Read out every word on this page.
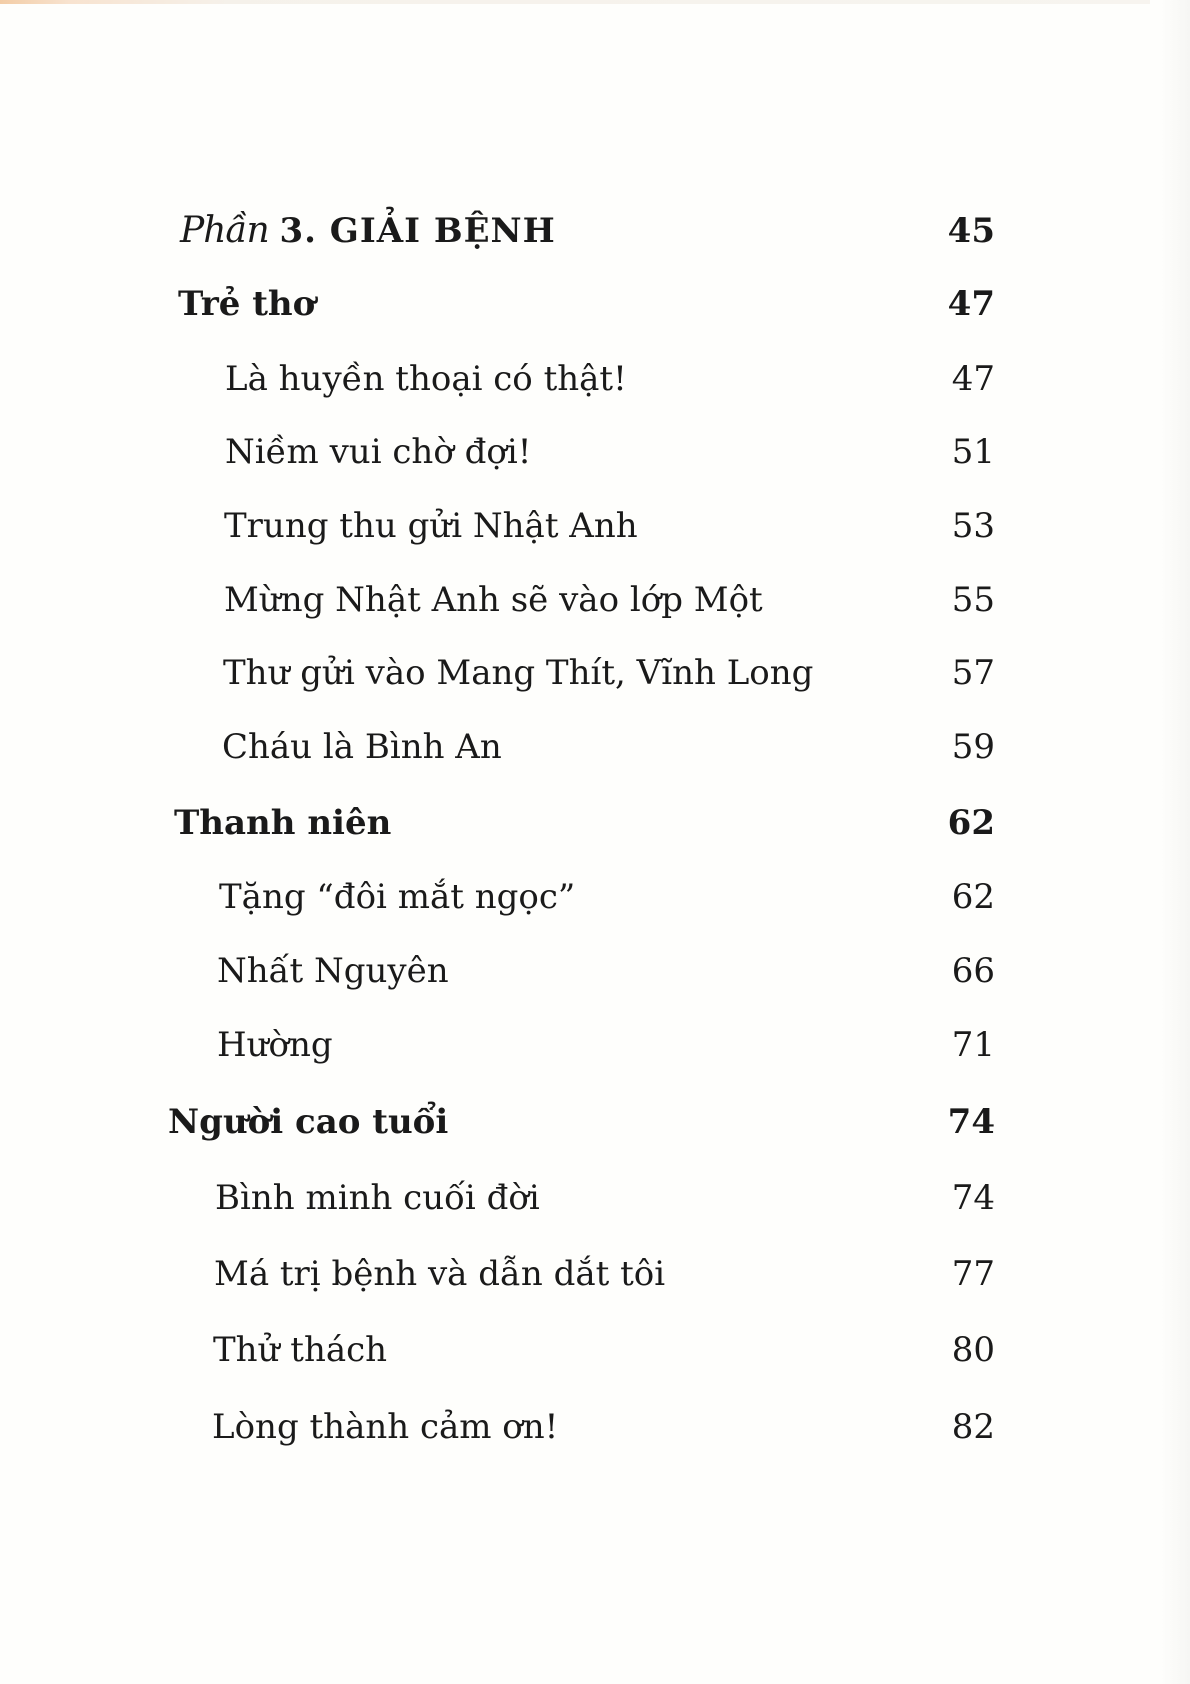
Phần 3. GIẢI BỆNH	45
Trẻ thơ	47
Là huyền thoại có thật!	47
Niềm vui chờ đợi!	51
Trung thu gửi Nhật Anh	53
Mừng Nhật Anh sẽ vào lớp Một	55
Thư gửi vào Mang Thít, Vĩnh Long	57
Cháu là Bình An	59
Thanh niên	62
Tặng “đôi mắt ngọc”	62
Nhất Nguyên	66
Hường	71
Người cao tuổi	74
Bình minh cuối đời	74
Má trị bệnh và dẫn dắt tôi	77
Thử thách	80
Lòng thành cảm ơn!	82
